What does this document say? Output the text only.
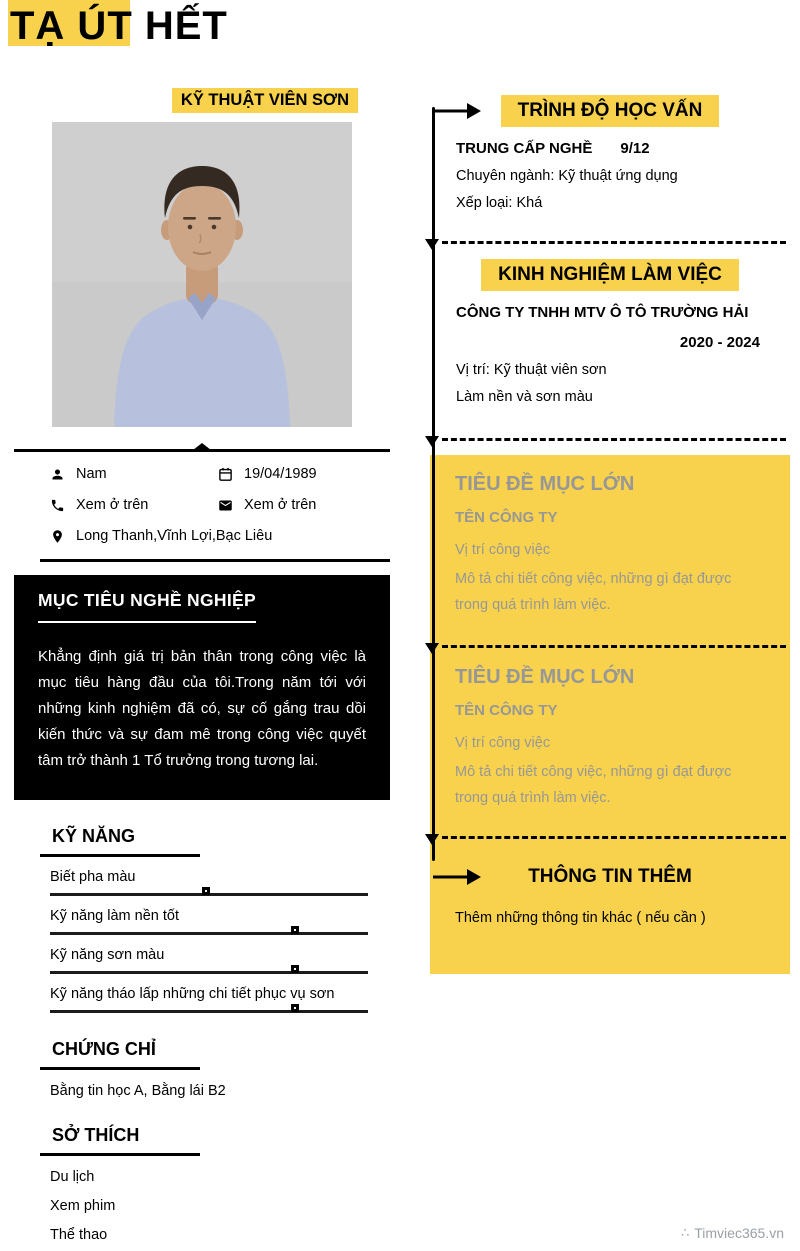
TẠ ÚT HẾT
KỸ THUẬT VIÊN SƠN
Nam	19/04/1989
Xem ở trên	Xem ở trên
Long Thanh,Vĩnh Lợi,Bạc Liêu
MỤC TIÊU NGHỀ NGHIỆP

Khẳng định giá trị bản thân trong công việc là mục tiêu hàng đầu của tôi.Trong năm tới với những kinh nghiệm đã có, sự cố gắng trau dồi kiến thức và sự đam mê trong công việc quyết tâm trở thành 1 Tổ trưởng trong tương lai.

KỸ NĂNG
Biết pha màu
Kỹ năng làm nền tốt
Kỹ năng sơn màu
Kỹ năng tháo lấp những chi tiết phục vụ sơn
CHỨNG CHỈ
Bằng tin học A, Bằng lái B2
SỞ THÍCH
Du lịch
Xem phim
Thể thao
TRÌNH ĐỘ HỌC VẤN
TRUNG CẤP NGHỀ 9/12
Chuyên ngành: Kỹ thuật ứng dụng
Xếp loại: Khá
KINH NGHIỆM LÀM VIỆC
CÔNG TY TNHH MTV Ô TÔ TRƯỜNG HẢI
2020 - 2024
Vị trí: Kỹ thuật viên sơn
Làm nền và sơn màu
TIÊU ĐỀ MỤC LỚN
TÊN CÔNG TY
Vị trí công việc
Mô tả chi tiết công việc, những gì đạt được trong quá trình làm việc.
TIÊU ĐỀ MỤC LỚN
TÊN CÔNG TY
Vị trí công việc
Mô tả chi tiết công việc, những gì đạt được trong quá trình làm việc.
THÔNG TIN THÊM
Thêm những thông tin khác ( nếu cần )
∴ Timviec365.vn
